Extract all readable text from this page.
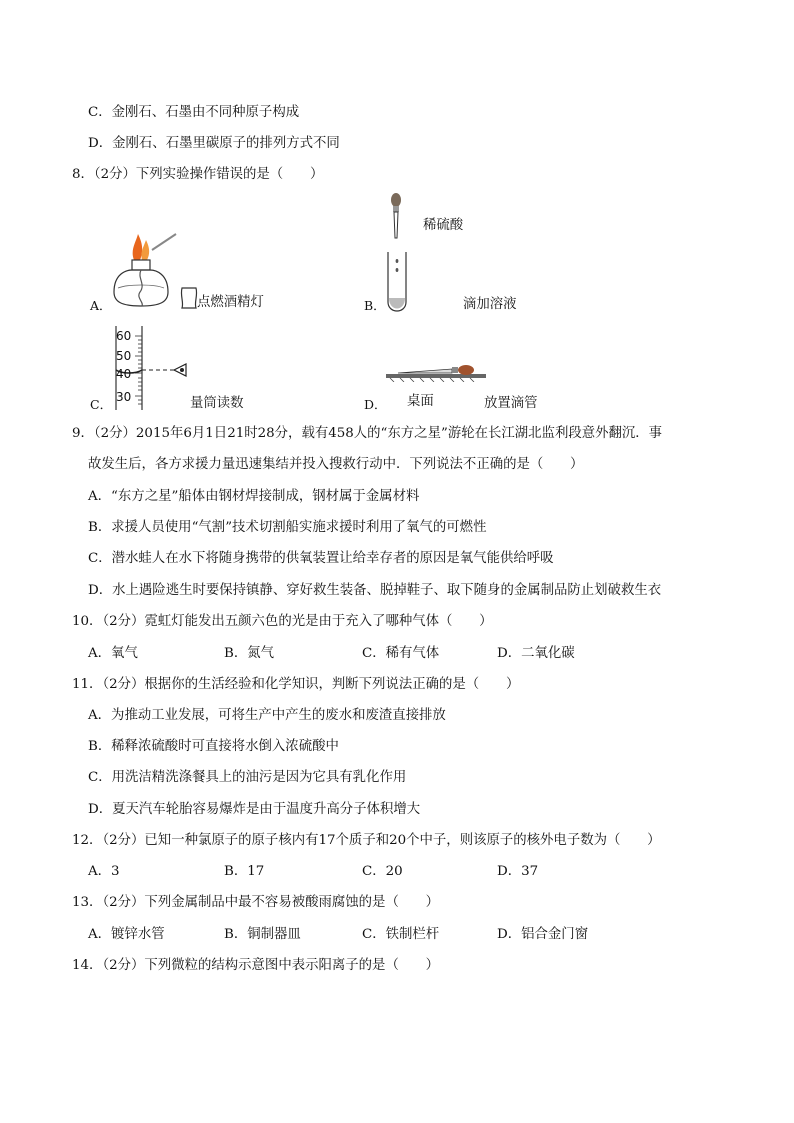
C．金刚石、石墨由不同种原子构成
D．金刚石、石墨里碳原子的排列方式不同
8．（2分）下列实验操作错误的是（　　）
A．	点燃酒精灯	B．
稀硫酸
滴加溶液
C．
60
50
40
30	量筒读数	D． 桌面	放置滴管
9．（2分）2015年6月1日21时28分，载有458人的“东方之星”游轮在长江湖北监利段意外翻沉．事
故发生后，各方求援力量迅速集结并投入搜救行动中．下列说法不正确的是（　　）
A．“东方之星”船体由钢材焊接制成，钢材属于金属材料
B．求援人员使用“气割”技术切割船实施求援时利用了氧气的可燃性
C．潜水蛙人在水下将随身携带的供氧装置让给幸存者的原因是氧气能供给呼吸
D．水上遇险逃生时要保持镇静、穿好救生装备、脱掉鞋子、取下随身的金属制品防止划破救生衣
10．（2分）霓虹灯能发出五颜六色的光是由于充入了哪种气体（　　）
A．氧气	B．氮气	C．稀有气体	D．二氧化碳
11．（2分）根据你的生活经验和化学知识，判断下列说法正确的是（　　）
A．为推动工业发展，可将生产中产生的废水和废渣直接排放
B．稀释浓硫酸时可直接将水倒入浓硫酸中
C．用洗洁精洗涤餐具上的油污是因为它具有乳化作用
D．夏天汽车轮胎容易爆炸是由于温度升高分子体积增大
12．（2分）已知一种氯原子的原子核内有17个质子和20个中子，则该原子的核外电子数为（　　）
A．3	B．17	C．20	D．37
13．（2分）下列金属制品中最不容易被酸雨腐蚀的是（　　）
A．镀锌水管	B．铜制器皿	C．铁制栏杆	D．铝合金门窗
14．（2分）下列微粒的结构示意图中表示阳离子的是（　　）
